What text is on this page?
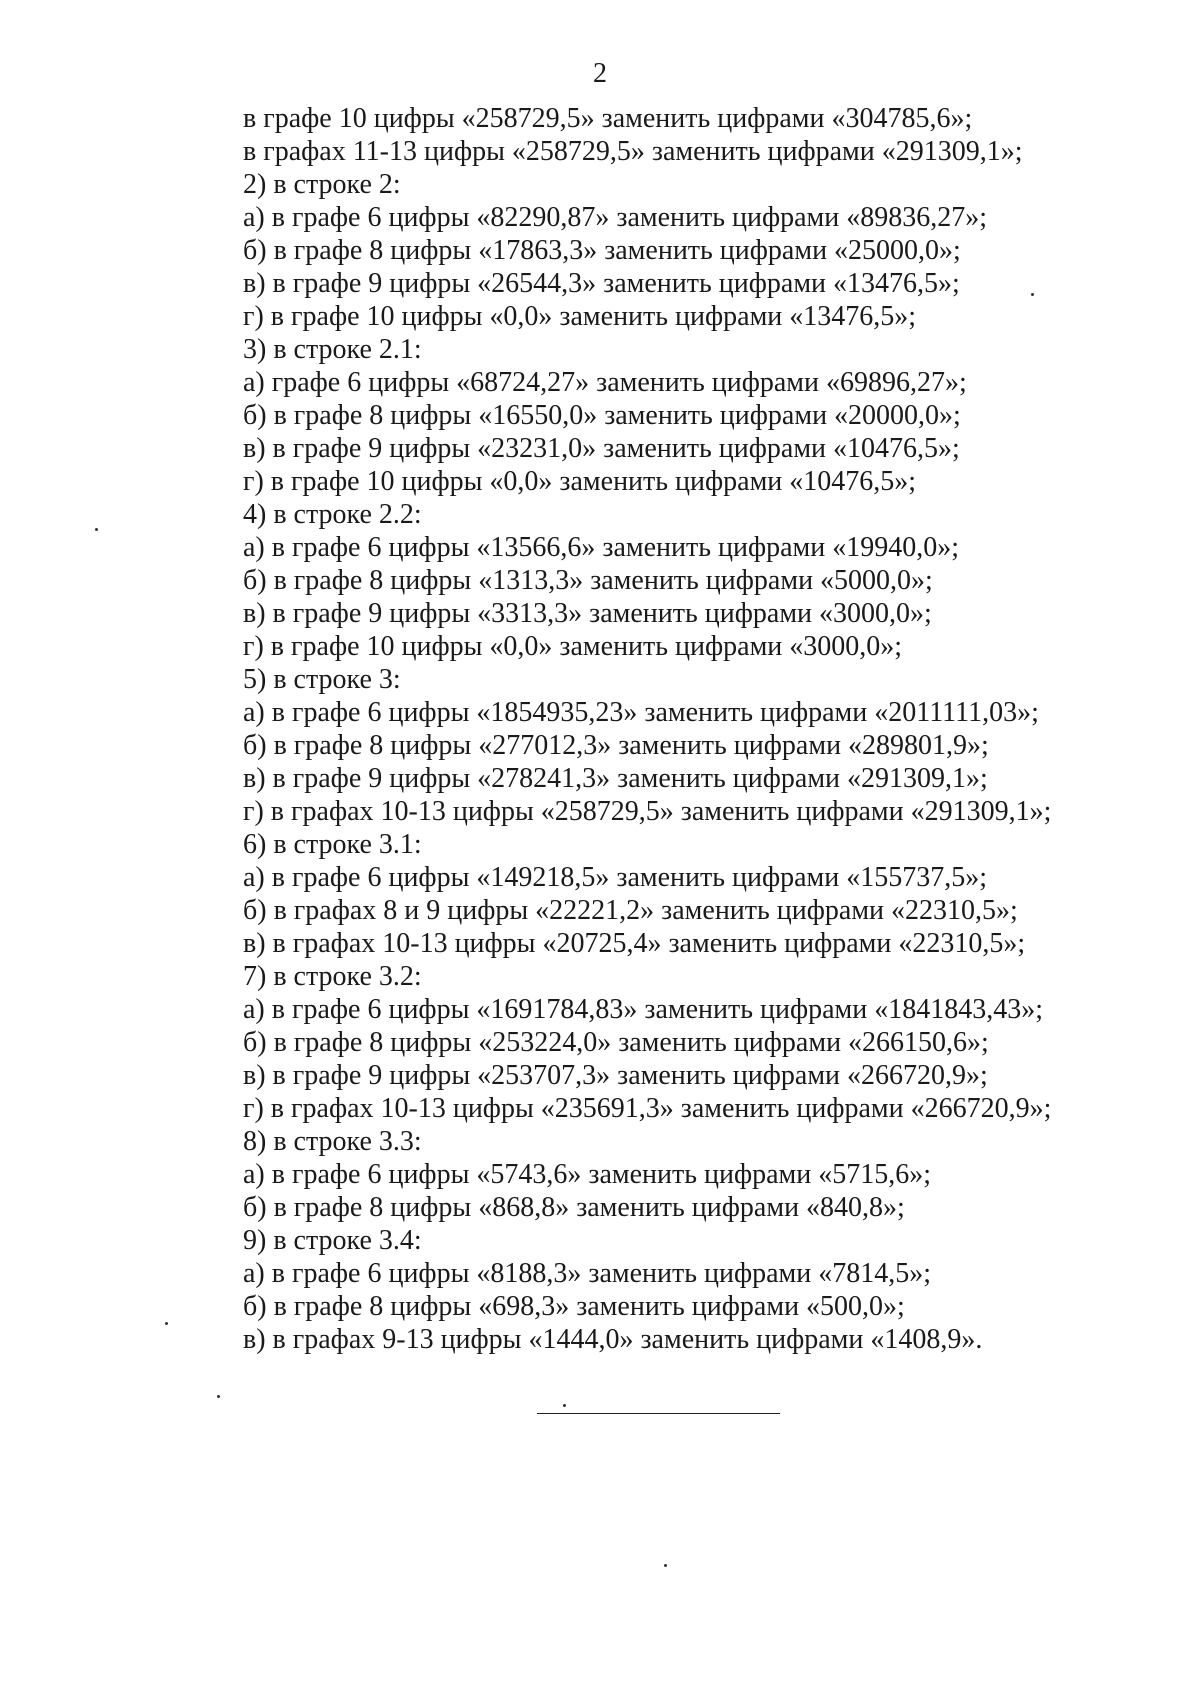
2
в графе 10 цифры «258729,5» заменить цифрами «304785,6»;
в графах 11-13 цифры «258729,5» заменить цифрами «291309,1»;
2) в строке 2:
а) в графе 6 цифры «82290,87» заменить цифрами «89836,27»;
б) в графе 8 цифры «17863,3» заменить цифрами «25000,0»;
в) в графе 9 цифры «26544,3» заменить цифрами «13476,5»;
г) в графе 10 цифры «0,0» заменить цифрами «13476,5»;
3) в строке 2.1:
а) графе 6 цифры «68724,27» заменить цифрами «69896,27»;
б) в графе 8 цифры «16550,0» заменить цифрами «20000,0»;
в) в графе 9 цифры «23231,0» заменить цифрами «10476,5»;
г) в графе 10 цифры «0,0» заменить цифрами «10476,5»;
4) в строке 2.2:
а) в графе 6 цифры «13566,6» заменить цифрами «19940,0»;
б) в графе 8 цифры «1313,3» заменить цифрами «5000,0»;
в) в графе 9 цифры «3313,3» заменить цифрами «3000,0»;
г) в графе 10 цифры «0,0» заменить цифрами «3000,0»;
5) в строке 3:
а) в графе 6 цифры «1854935,23» заменить цифрами «2011111,03»;
б) в графе 8 цифры «277012,3» заменить цифрами «289801,9»;
в) в графе 9 цифры «278241,3» заменить цифрами «291309,1»;
г) в графах 10-13 цифры «258729,5» заменить цифрами «291309,1»;
6) в строке 3.1:
а) в графе 6 цифры «149218,5» заменить цифрами «155737,5»;
б) в графах 8 и 9 цифры «22221,2» заменить цифрами «22310,5»;
в) в графах 10-13 цифры «20725,4» заменить цифрами «22310,5»;
7) в строке 3.2:
а) в графе 6 цифры «1691784,83» заменить цифрами «1841843,43»;
б) в графе 8 цифры «253224,0» заменить цифрами «266150,6»;
в) в графе 9 цифры «253707,3» заменить цифрами «266720,9»;
г) в графах 10-13 цифры «235691,3» заменить цифрами «266720,9»;
8) в строке 3.3:
а) в графе 6 цифры «5743,6» заменить цифрами «5715,6»;
б) в графе 8 цифры «868,8» заменить цифрами «840,8»;
9) в строке 3.4:
а) в графе 6 цифры «8188,3» заменить цифрами «7814,5»;
б) в графе 8 цифры «698,3» заменить цифрами «500,0»;
в) в графах 9-13 цифры «1444,0» заменить цифрами «1408,9».
